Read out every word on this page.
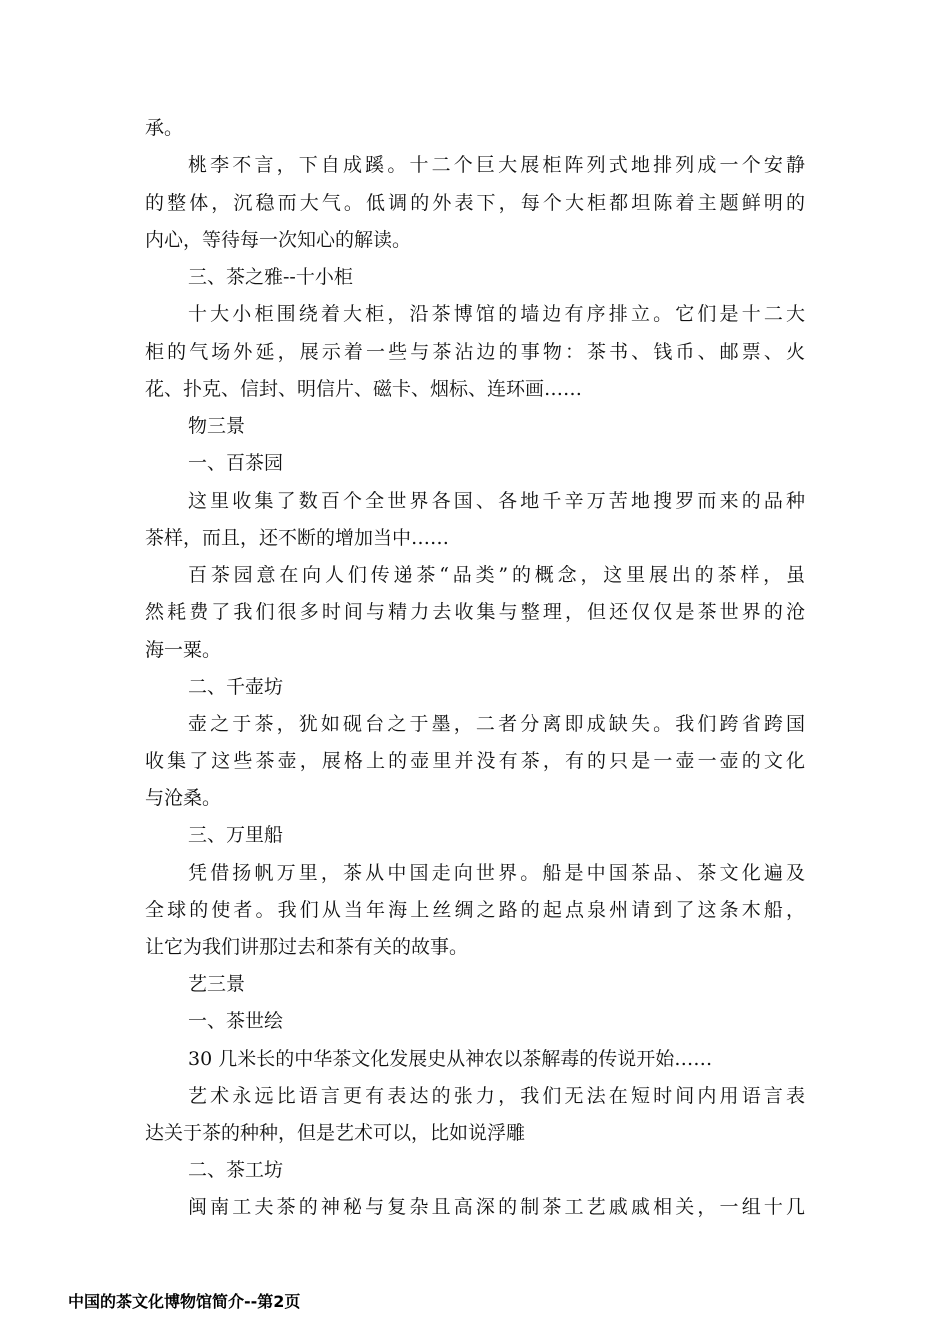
承。
桃李不言，下自成蹊。十二个巨大展柜阵列式地排列成一个安静
的整体，沉稳而大气。低调的外表下，每个大柜都坦陈着主题鲜明的
内心，等待每一次知心的解读。
三、茶之雅--十小柜
十大小柜围绕着大柜，沿茶博馆的墙边有序排立。它们是十二大
柜的气场外延，展示着一些与茶沾边的事物：茶书、钱币、邮票、火
花、扑克、信封、明信片、磁卡、烟标、连环画……
物三景
一、百茶园
这里收集了数百个全世界各国、各地千辛万苦地搜罗而来的品种
茶样，而且，还不断的增加当中……
百茶园意在向人们传递茶“品类”的概念，这里展出的茶样，虽
然耗费了我们很多时间与精力去收集与整理，但还仅仅是茶世界的沧
海一粟。
二、千壶坊
壶之于茶，犹如砚台之于墨，二者分离即成缺失。我们跨省跨国
收集了这些茶壶，展格上的壶里并没有茶，有的只是一壶一壶的文化
与沧桑。
三、万里船
凭借扬帆万里，茶从中国走向世界。船是中国茶品、茶文化遍及
全球的使者。我们从当年海上丝绸之路的起点泉州请到了这条木船，
让它为我们讲那过去和茶有关的故事。
艺三景
一、茶世绘
30 几米长的中华茶文化发展史从神农以茶解毒的传说开始……
艺术永远比语言更有表达的张力，我们无法在短时间内用语言表
达关于茶的种种，但是艺术可以，比如说浮雕
二、茶工坊
闽南工夫茶的神秘与复杂且高深的制茶工艺戚戚相关，一组十几
中国的茶文化博物馆简介--第2页
